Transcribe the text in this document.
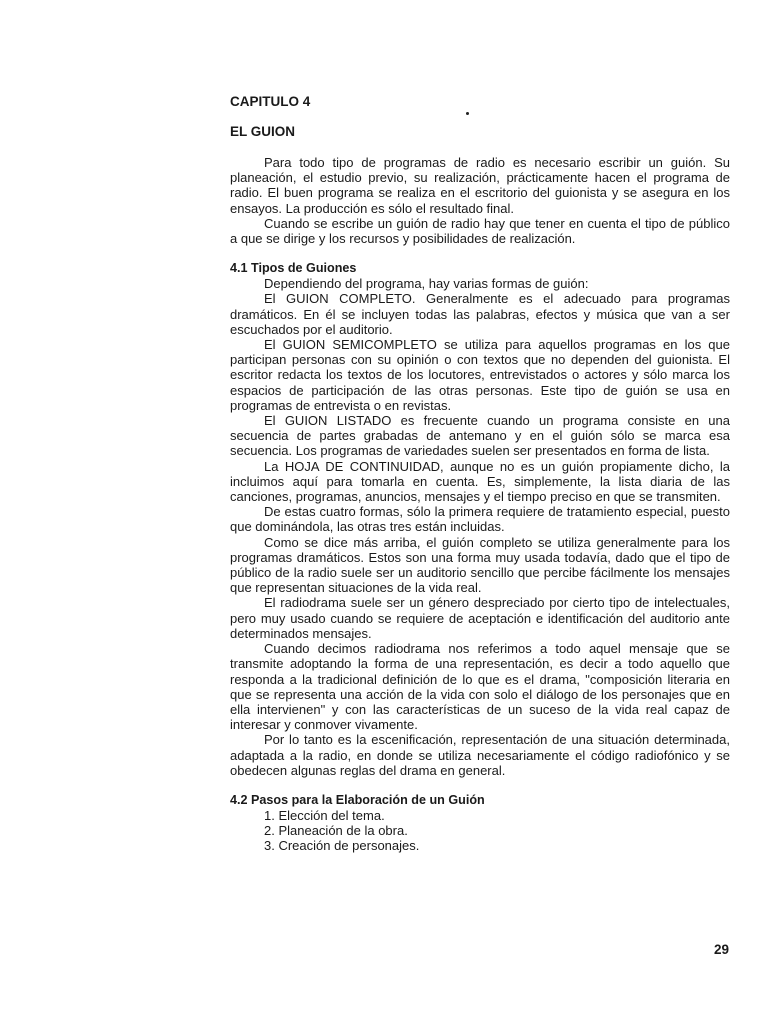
CAPITULO 4
EL GUION

Para todo tipo de programas de radio es necesario escribir un guión. Su planeación, el estudio previo, su realización, prácticamente hacen el programa de radio. El buen programa se realiza en el escritorio del guionista y se asegura en los ensayos. La producción es sólo el resultado final.

Cuando se escribe un guión de radio hay que tener en cuenta el tipo de público a que se dirige y los recursos y posibilidades de realización.

4.1 Tipos de Guiones

Dependiendo del programa, hay varias formas de guión:

El GUION COMPLETO. Generalmente es el adecuado para programas dramáticos. En él se incluyen todas las palabras, efectos y música que van a ser escuchados por el auditorio.

El GUION SEMICOMPLETO se utiliza para aquellos programas en los que participan personas con su opinión o con textos que no dependen del guionista. El escritor redacta los textos de los locutores, entrevistados o actores y sólo marca los espacios de participación de las otras personas. Este tipo de guión se usa en programas de entrevista o en revistas.

El GUION LISTADO es frecuente cuando un programa consiste en una secuencia de partes grabadas de antemano y en el guión sólo se marca esa secuencia. Los programas de variedades suelen ser presentados en forma de lista.

La HOJA DE CONTINUIDAD, aunque no es un guión propiamente dicho, la incluimos aquí para tomarla en cuenta. Es, simplemente, la lista diaria de las canciones, programas, anuncios, mensajes y el tiempo preciso en que se transmiten.

De estas cuatro formas, sólo la primera requiere de tratamiento especial, puesto que dominándola, las otras tres están incluidas.

Como se dice más arriba, el guión completo se utiliza generalmente para los programas dramáticos. Estos son una forma muy usada todavía, dado que el tipo de público de la radio suele ser un auditorio sencillo que percibe fácilmente los mensajes que representan situaciones de la vida real.

El radiodrama suele ser un género despreciado por cierto tipo de intelectuales, pero muy usado cuando se requiere de aceptación e identificación del auditorio ante determinados mensajes.

Cuando decimos radiodrama nos referimos a todo aquel mensaje que se transmite adoptando la forma de una representación, es decir a todo aquello que responda a la tradicional definición de lo que es el drama, "composición literaria en que se representa una acción de la vida con solo el diálogo de los personajes que en ella intervienen" y con las características de un suceso de la vida real capaz de interesar y conmover vivamente.

Por lo tanto es la escenificación, representación de una situación determinada, adaptada a la radio, en donde se utiliza necesariamente el código radiofónico y se obedecen algunas reglas del drama en general.

4.2 Pasos para la Elaboración de un Guión
1. Elección del tema.
2. Planeación de la obra.
3. Creación de personajes.
29
